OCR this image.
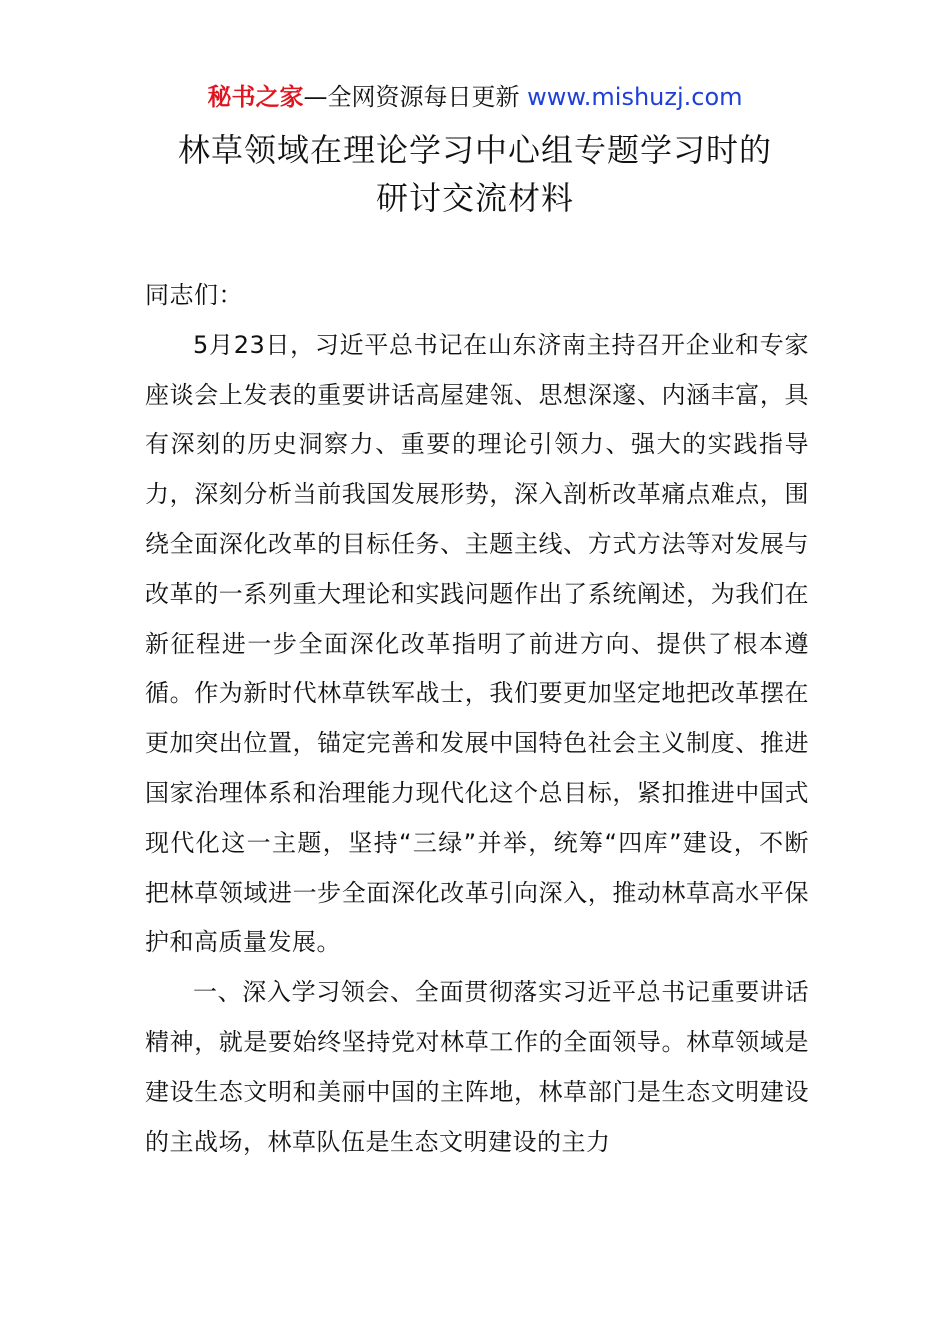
秘书之家—全网资源每日更新 www.mishuzj.com
林草领域在理论学习中心组专题学习时的
研讨交流材料

同志们：

5月23日，习近平总书记在山东济南主持召开企业和专家座谈会上发表的重要讲话高屋建瓴、思想深邃、内涵丰富，具有深刻的历史洞察力、重要的理论引领力、强大的实践指导力，深刻分析当前我国发展形势，深入剖析改革痛点难点，围绕全面深化改革的目标任务、主题主线、方式方法等对发展与改革的一系列重大理论和实践问题作出了系统阐述，为我们在新征程进一步全面深化改革指明了前进方向、提供了根本遵循。作为新时代林草铁军战士，我们要更加坚定地把改革摆在更加突出位置，锚定完善和发展中国特色社会主义制度、推进国家治理体系和治理能力现代化这个总目标，紧扣推进中国式现代化这一主题，坚持“三绿”并举，统筹“四库”建设，不断把林草领域进一步全面深化改革引向深入，推动林草高水平保护和高质量发展。

一、深入学习领会、全面贯彻落实习近平总书记重要讲话精神，就是要始终坚持党对林草工作的全面领导。林草领域是建设生态文明和美丽中国的主阵地，林草部门是生态文明建设的主战场，林草队伍是生态文明建设的主力
